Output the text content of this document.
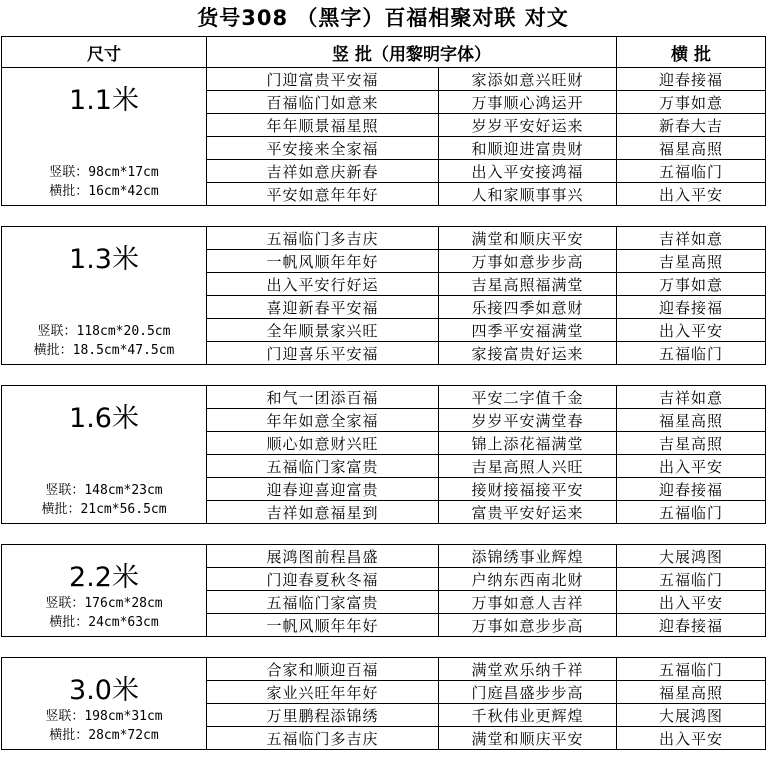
货号308 （黑字）百福相聚对联 对文
尺寸	竖 批（用黎明字体）		横 批

1.1米
竖联：98cm*17cm
横批：16cm*42cm	门迎富贵平安福	家添如意兴旺财	迎春接福
	百福临门如意来	万事顺心鸿运开	万事如意
	年年顺景福星照	岁岁平安好运来	新春大吉
	平安接来全家福	和顺迎进富贵财	福星高照
	吉祥如意庆新春	出入平安接鸿福	五福临门
	平安如意年年好	人和家顺事事兴	出入平安

1.3米
竖联：118cm*20.5cm
横批：18.5cm*47.5cm	五福临门多吉庆	满堂和顺庆平安	吉祥如意
	一帆风顺年年好	万事如意步步高	吉星高照
	出入平安行好运	吉星高照福满堂	万事如意
	喜迎新春平安福	乐接四季如意财	迎春接福
	全年顺景家兴旺	四季平安福满堂	出入平安
	门迎喜乐平安福	家接富贵好运来	五福临门

1.6米
竖联：148cm*23cm
横批：21cm*56.5cm	和气一团添百福	平安二字值千金	吉祥如意
	年年如意全家福	岁岁平安满堂春	福星高照
	顺心如意财兴旺	锦上添花福满堂	吉星高照
	五福临门家富贵	吉星高照人兴旺	出入平安
	迎春迎喜迎富贵	接财接福接平安	迎春接福
	吉祥如意福星到	富贵平安好运来	五福临门

2.2米
竖联：176cm*28cm
横批：24cm*63cm	展鸿图前程昌盛	添锦绣事业辉煌	大展鸿图
	门迎春夏秋冬福	户纳东西南北财	五福临门
	五福临门家富贵	万事如意人吉祥	出入平安
	一帆风顺年年好	万事如意步步高	迎春接福

3.0米
竖联：198cm*31cm
横批：28cm*72cm	合家和顺迎百福	满堂欢乐纳千祥	五福临门
	家业兴旺年年好	门庭昌盛步步高	福星高照
	万里鹏程添锦绣	千秋伟业更辉煌	大展鸿图
	五福临门多吉庆	满堂和顺庆平安	出入平安
